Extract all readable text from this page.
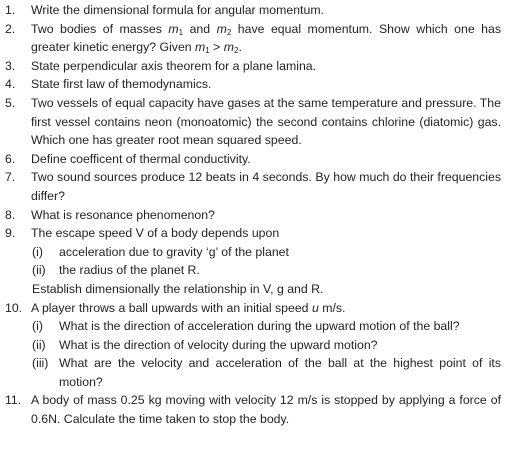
1.	Write the dimensional formula for angular momentum.
2.	Two bodies of masses $m_1$ and $m_2$ have equal momentum. Show which one has greater kinetic energy? Given $m_1 > m_2$.
3.	State perpendicular axis theorem for a plane lamina.
4.	State first law of themodynamics.
5.	Two vessels of equal capacity have gases at the same temperature and pressure. The first vessel contains neon (monoatomic) the second contains chlorine (diatomic) gas. Which one has greater root mean squared speed.
6.	Define coefficent of thermal conductivity.
7.	Two sound sources produce 12 beats in 4 seconds. By how much do their frequencies differ?
8.	What is resonance phenomenon?
9.	The escape speed V of a body depends upon
(i)	acceleration due to gravity ‘g’ of the planet
(ii)	the radius of the planet R.
Establish dimensionally the relationship in V, g and R.
10. A player throws a ball upwards with an initial speed u m/s.
(i)	What is the direction of acceleration during the upward motion of the ball?
(ii)	What is the direction of velocity during the upward motion?
(iii) What are the velocity and acceleration of the ball at the highest point of its motion?
11. A body of mass 0.25 kg moving with velocity 12 m/s is stopped by applying a force of 0.6N. Calculate the time taken to stop the body.
